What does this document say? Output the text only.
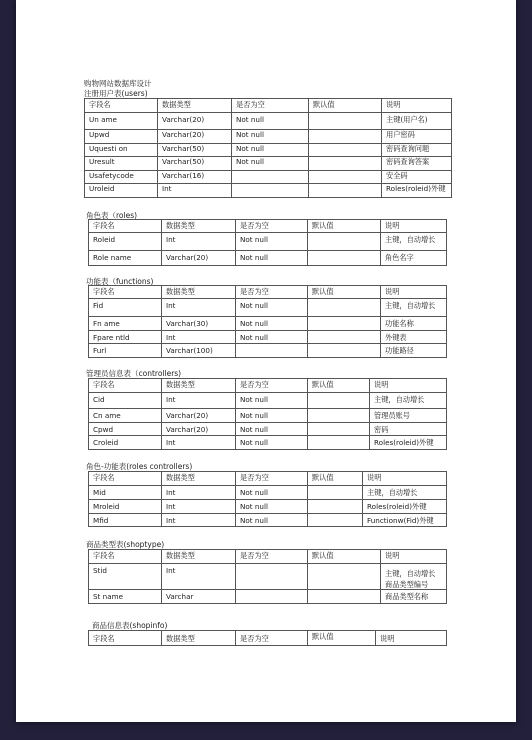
购物网站数据库设计
注册用户表(users)
字段名	数据类型	是否为空	默认值	说明

Un ame	Varchar(20)	Not null		主键(用户名)

Upwd	Varchar(20)	Not null		用户密码
Uquesti on	Varchar(50)	Not null		密码查询问题
Uresult	Varchar(50)	Not null		密码查询答案
Usafetycode	Varchar(16)			安全码
Uroleid	Int			Roles(roleid)外键
角色表（roles)
字段名	数据类型	是否为空	默认值	说明

Roleid	Int	Not null		主键，自动增长

Role name	Varchar(20)	Not null		角色名字
功能表（functions)
字段名	数据类型	是否为空	默认值	说明

Fid	Int	Not null		主键，自动增长

Fn ame	Varchar(30)	Not null		功能名称

Fpare ntld	Int	Not null		外键表

Furl	Varchar(100)			功能路径
管理员信息表（controllers)
字段名	数据类型	是否为空	默认值	说明

Cid	Int	Not null		主键，自动增长

Cn ame	Varchar(20)	Not null		管理员账号

Cpwd	Varchar(20)	Not null		密码

Croleid	Int	Not null		Roles(roleid)外键
角色-功能表(roles controllers)
字段名	数据类型	是否为空	默认值	说明

Mid	Int	Not null		主键，自动增长

Mroleid	Int	Not null		Roles(roleid)外键

Mfid	Int	Not null		Functionw(Fid)外键
商品类型表(shoptype)
字段名	数据类型	是否为空	默认值	说明

Stid	Int			主键，自动增长
商品类型编号

St name	Varchar			商品类型名称
商品信息表(shopinfo)
字段名	数据类型	是否为空	默认值	说明
